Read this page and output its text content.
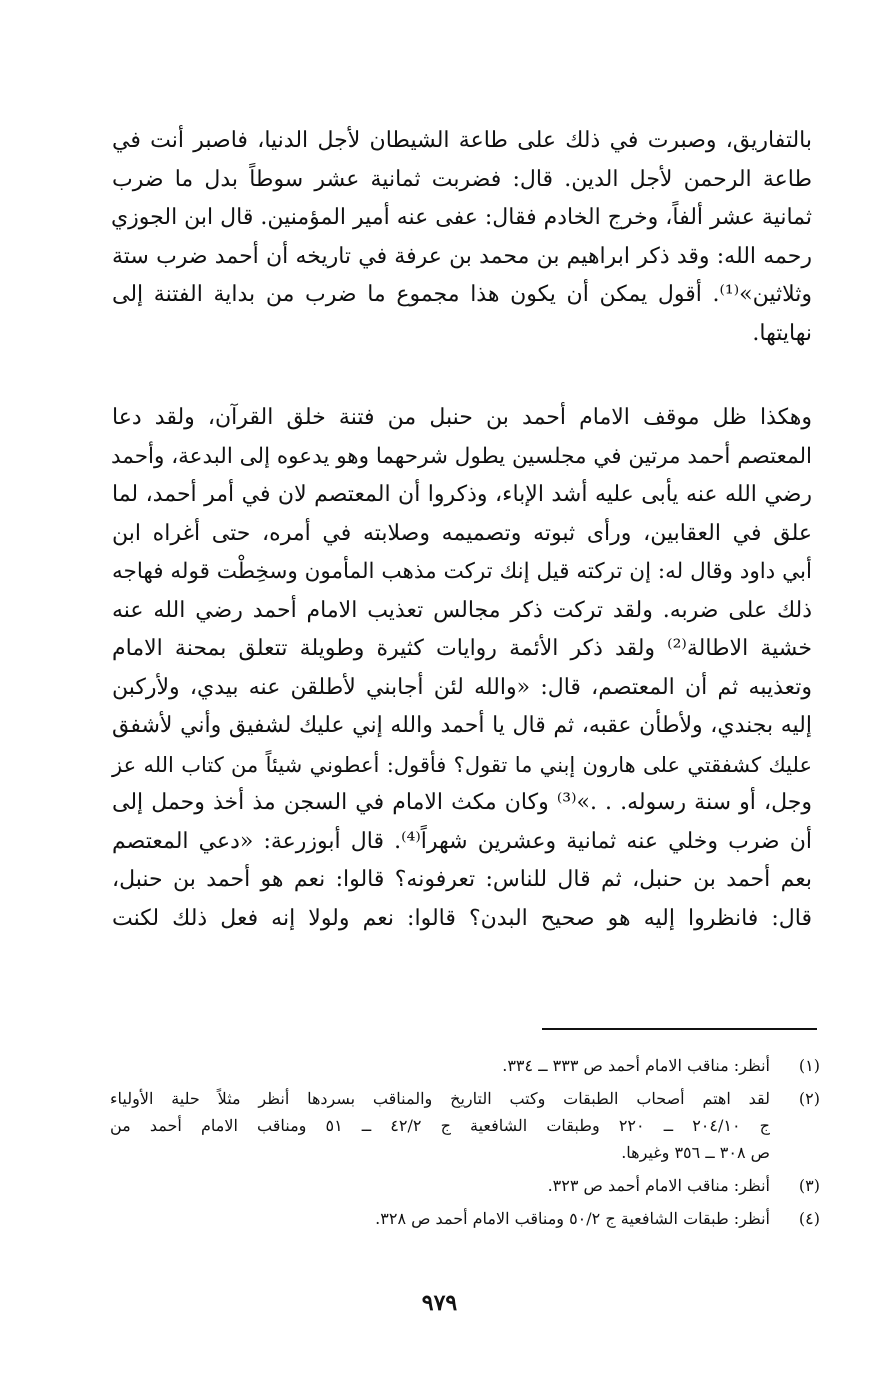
بالتفاريق، وصبرت في ذلك على طاعة الشيطان لأجل الدنيا، فاصبر أنت في
طاعة الرحمن لأجل الدين. قال: فضربت ثمانية عشر سوطاً بدل ما ضرب
ثمانية عشر ألفاً، وخرج الخادم فقال: عفى عنه أمير المؤمنين. قال ابن الجوزي
رحمه الله: وقد ذكر ابراهيم بن محمد بن عرفة في تاريخه أن أحمد ضرب ستة
وثلاثين»⁽¹⁾. أقول يمكن أن يكون هذا مجموع ما ضرب من بداية الفتنة إلى
نهايتها.
وهكذا ظل موقف الامام أحمد بن حنبل من فتنة خلق القرآن، ولقد دعا
المعتصم أحمد مرتين في مجلسين يطول شرحهما وهو يدعوه إلى البدعة، وأحمد
رضي الله عنه يأبى عليه أشد الإباء، وذكروا أن المعتصم لان في أمر أحمد، لما
علق في العقابين، ورأى ثبوته وتصميمه وصلابته في أمره، حتى أغراه ابن
أبي داود وقال له: إن تركته قيل إنك تركت مذهب المأمون وسخِطْت قوله فهاجه
ذلك على ضربه. ولقد تركت ذكر مجالس تعذيب الامام أحمد رضي الله عنه
خشية الاطالة⁽²⁾ ولقد ذكر الأئمة روايات كثيرة وطويلة تتعلق بمحنة الامام
وتعذيبه ثم أن المعتصم، قال: «والله لئن أجابني لأطلقن عنه بيدي، ولأركبن
إليه بجندي، ولأطأن عقبه، ثم قال يا أحمد والله إني عليك لشفيق وأني لأشفق
عليك كشفقتي على هارون إبني ما تقول؟ فأقول: أعطوني شيئاً من كتاب الله عز
وجل، أو سنة رسوله. . .»⁽³⁾ وكان مكث الامام في السجن مذ أخذ وحمل إلى
أن ضرب وخلي عنه ثمانية وعشرين شهراً⁽⁴⁾. قال أبوزرعة: «دعي المعتصم
بعم أحمد بن حنبل، ثم قال للناس: تعرفونه؟ قالوا: نعم هو أحمد بن حنبل،
قال: فانظروا إليه هو صحيح البدن؟ قالوا: نعم ولولا إنه فعل ذلك لكنت
(١)
أنظر: مناقب الامام أحمد ص ٣٣٣ ــ ٣٣٤.
(٢)
لقد اهتم أصحاب الطبقات وكتب التاريخ والمناقب بسردها أنظر مثلاً حلية الأولياء
ج ٢٠٤/١٠ ــ ٢٢٠ وطبقات الشافعية ج ٤٢/٢ ــ ٥١ ومناقب الامام أحمد من
ص ٣٠٨ ــ ٣٥٦ وغيرها.
(٣)
أنظر: مناقب الامام أحمد ص ٣٢٣.
(٤)
أنظر: طبقات الشافعية ج ٥٠/٢ ومناقب الامام أحمد ص ٣٢٨.
٩٧٩
